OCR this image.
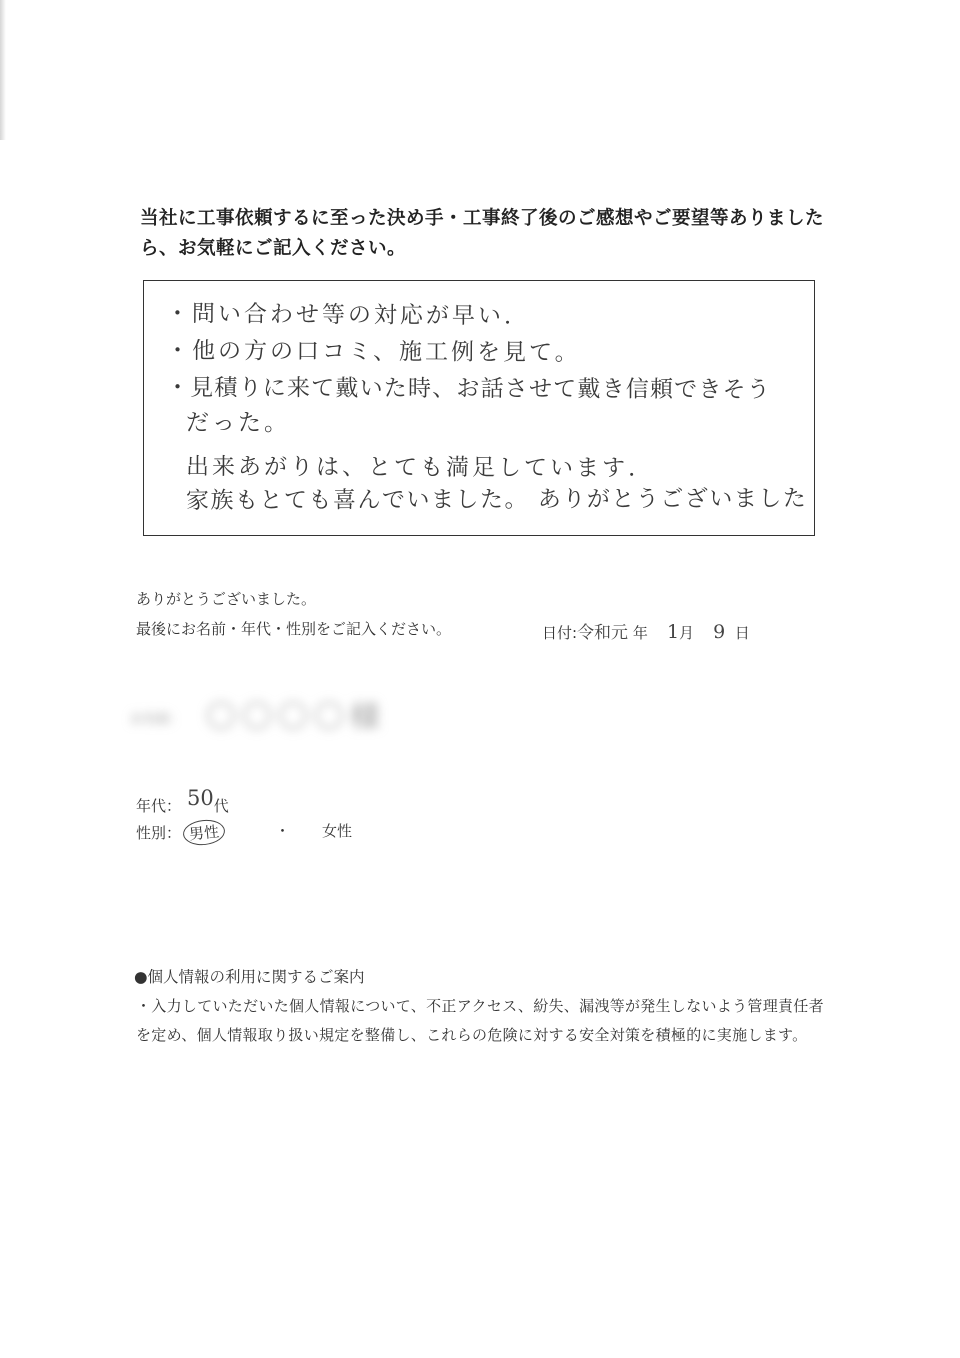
当社に工事依頼するに至った決め手・工事終了後のご感想やご要望等ありましたら、お気軽にご記入ください。
・問い合わせ等の対応が早い.
・他の方の口コミ、施工例を見て。
・見積りに来て戴いた時、お話させて戴き信頼できそう
だった。
出来あがりは、とても満足しています.
家族もとても喜んでいました。 ありがとうございました
ありがとうございました。
最後にお名前・年代・性別をご記入ください。	日付:令和元 年 1月 9 日
お名前: 〇〇〇〇様
年代： 50代
性別： 男性	・ 女性
●個人情報の利用に関するご案内
・入力していただいた個人情報について、不正アクセス、紛失、漏洩等が発生しないよう管理責任者を定め、個人情報取り扱い規定を整備し、これらの危険に対する安全対策を積極的に実施します。
